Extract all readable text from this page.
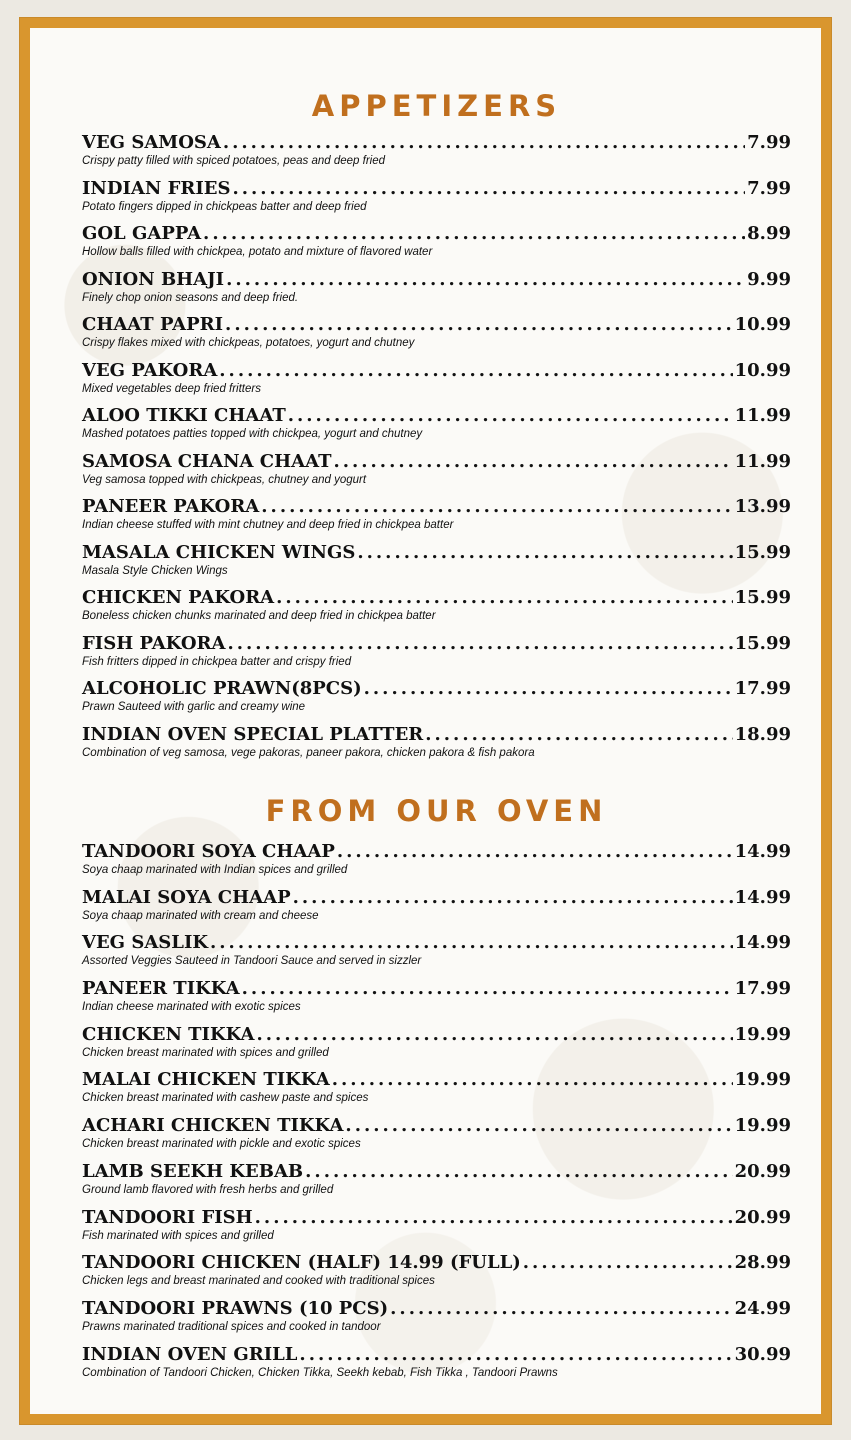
APPETIZERS
VEG SAMOSA .....	7.99
Crispy patty filled with spiced potatoes, peas and deep fried
INDIAN FRIES .....	7.99
Potato fingers dipped in chickpeas batter and deep fried
GOL GAPPA .....	8.99
Hollow balls filled with chickpea, potato and mixture of flavored water
ONION BHAJI .....	9.99
Finely chop onion seasons and deep fried.
CHAAT PAPRI .....	10.99
Crispy flakes mixed with chickpeas, potatoes, yogurt and chutney
VEG PAKORA .....	10.99
Mixed vegetables deep fried fritters
ALOO TIKKI CHAAT .....	11.99
Mashed potatoes patties topped with chickpea, yogurt and chutney
SAMOSA CHANA CHAAT .....	11.99
Veg samosa topped with chickpeas, chutney and yogurt
PANEER PAKORA .....	13.99
Indian cheese stuffed with mint chutney and deep fried in chickpea batter
MASALA CHICKEN WINGS .....	15.99
Masala Style Chicken Wings
CHICKEN PAKORA .....	15.99
Boneless chicken chunks marinated and deep fried in chickpea batter
FISH PAKORA .....	15.99
Fish fritters dipped in chickpea batter and crispy fried
ALCOHOLIC PRAWN(8PCS) .....	17.99
Prawn Sauteed with garlic and creamy wine
INDIAN OVEN SPECIAL PLATTER .....	18.99
Combination of veg samosa, vege pakoras, paneer pakora, chicken pakora & fish pakora
FROM OUR OVEN
TANDOORI SOYA CHAAP .....	14.99
Soya chaap marinated with Indian spices and grilled
MALAI SOYA CHAAP .....	14.99
Soya chaap marinated with cream and cheese
VEG SASLIK .....	14.99
Assorted Veggies Sauteed in Tandoori Sauce and served in sizzler
PANEER TIKKA .....	17.99
Indian cheese marinated with exotic spices
CHICKEN TIKKA .....	19.99
Chicken breast marinated with spices and grilled
MALAI CHICKEN TIKKA .....	19.99
Chicken breast marinated with cashew paste and spices
ACHARI CHICKEN TIKKA .....	19.99
Chicken breast marinated with pickle and exotic spices
LAMB SEEKH KEBAB .....	20.99
Ground lamb flavored with fresh herbs and grilled
TANDOORI FISH .....	20.99
Fish marinated with spices and grilled
TANDOORI CHICKEN (HALF) 14.99 (FULL) .....	28.99
Chicken legs and breast marinated and cooked with traditional spices
TANDOORI PRAWNS (10 PCS) .....	24.99
Prawns marinated traditional spices and cooked in tandoor
INDIAN OVEN GRILL .....	30.99
Combination of Tandoori Chicken, Chicken Tikka, Seekh kebab, Fish Tikka , Tandoori Prawns
